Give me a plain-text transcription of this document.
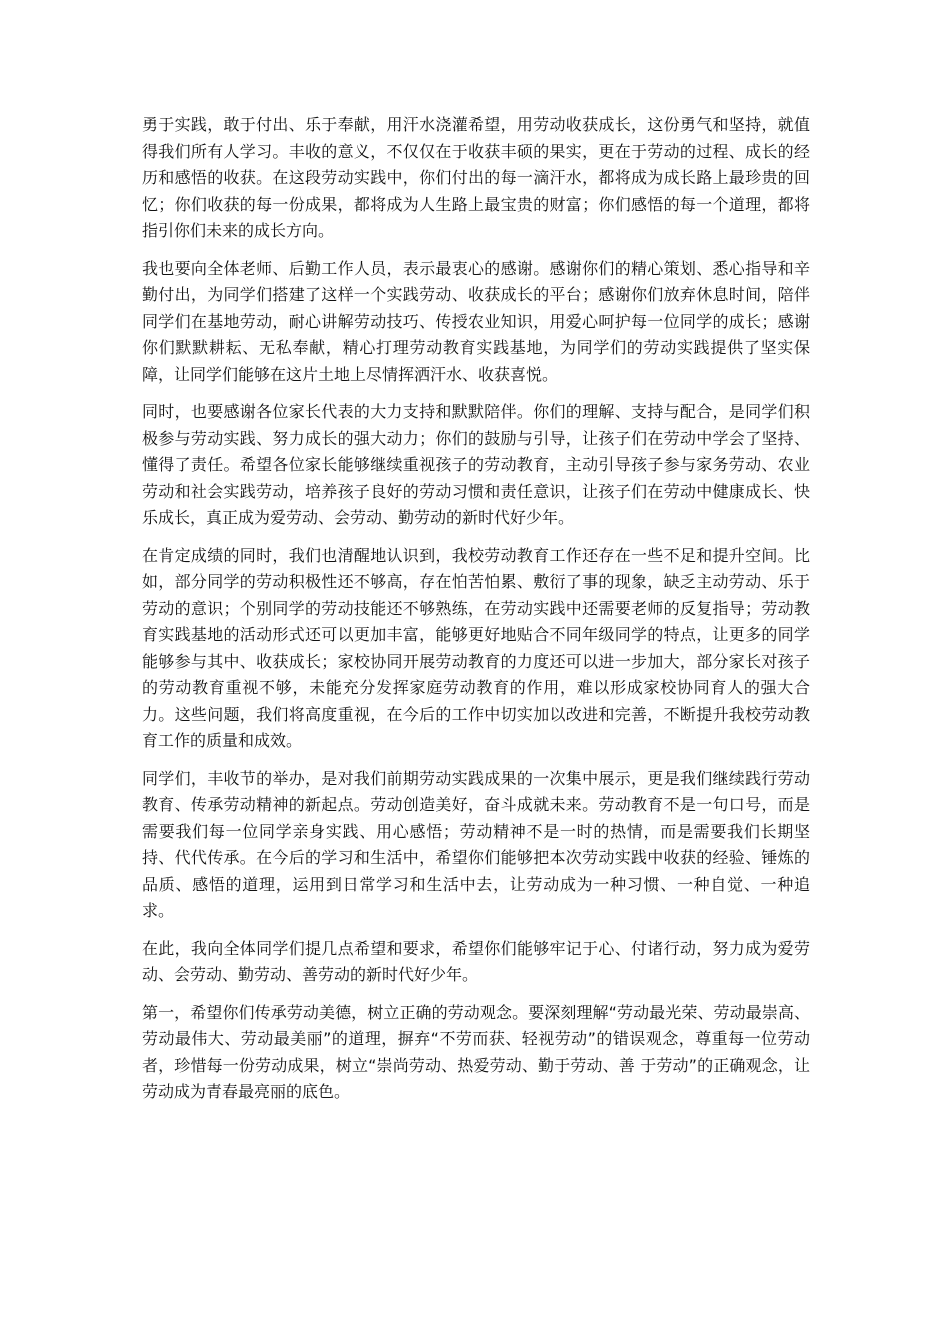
勇于实践，敢于付出、乐于奉献，用汗水浇灌希望，用劳动收获成长，这份勇气和坚持，就值得我们所有人学习。丰收的意义，不仅仅在于收获丰硕的果实，更在于劳动的过程、成长的经历和感悟的收获。在这段劳动实践中，你们付出的每一滴汗水，都将成为成长路上最珍贵的回忆；你们收获的每一份成果，都将成为人生路上最宝贵的财富；你们感悟的每一个道理，都将指引你们未来的成长方向。

我也要向全体老师、后勤工作人员，表示最衷心的感谢。感谢你们的精心策划、悉心指导和辛勤付出，为同学们搭建了这样一个实践劳动、收获成长的平台；感谢你们放弃休息时间，陪伴同学们在基地劳动，耐心讲解劳动技巧、传授农业知识，用爱心呵护每一位同学的成长；感谢你们默默耕耘、无私奉献，精心打理劳动教育实践基地，为同学们的劳动实践提供了坚实保障，让同学们能够在这片土地上尽情挥洒汗水、收获喜悦。

同时，也要感谢各位家长代表的大力支持和默默陪伴。你们的理解、支持与配合，是同学们积极参与劳动实践、努力成长的强大动力；你们的鼓励与引导，让孩子们在劳动中学会了坚持、懂得了责任。希望各位家长能够继续重视孩子的劳动教育，主动引导孩子参与家务劳动、农业劳动和社会实践劳动，培养孩子良好的劳动习惯和责任意识，让孩子们在劳动中健康成长、快乐成长，真正成为爱劳动、会劳动、勤劳动的新时代好少年。

在肯定成绩的同时，我们也清醒地认识到，我校劳动教育工作还存在一些不足和提升空间。比如，部分同学的劳动积极性还不够高，存在怕苦怕累、敷衍了事的现象，缺乏主动劳动、乐于劳动的意识；个别同学的劳动技能还不够熟练，在劳动实践中还需要老师的反复指导；劳动教育实践基地的活动形式还可以更加丰富，能够更好地贴合不同年级同学的特点，让更多的同学能够参与其中、收获成长；家校协同开展劳动教育的力度还可以进一步加大，部分家长对孩子的劳动教育重视不够，未能充分发挥家庭劳动教育的作用，难以形成家校协同育人的强大合力。这些问题，我们将高度重视，在今后的工作中切实加以改进和完善，不断提升我校劳动教育工作的质量和成效。

同学们，丰收节的举办，是对我们前期劳动实践成果的一次集中展示，更是我们继续践行劳动教育、传承劳动精神的新起点。劳动创造美好，奋斗成就未来。劳动教育不是一句口号，而是需要我们每一位同学亲身实践、用心感悟；劳动精神不是一时的热情，而是需要我们长期坚持、代代传承。在今后的学习和生活中，希望你们能够把本次劳动实践中收获的经验、锤炼的品质、感悟的道理，运用到日常学习和生活中去，让劳动成为一种习惯、一种自觉、一种追求。

在此，我向全体同学们提几点希望和要求，希望你们能够牢记于心、付诸行动，努力成为爱劳动、会劳动、勤劳动、善劳动的新时代好少年。

第一，希望你们传承劳动美德，树立正确的劳动观念。要深刻理解“劳动最光荣、劳动最崇高、劳动最伟大、劳动最美丽”的道理，摒弃“不劳而获、轻视劳动”的错误观念，尊重每一位劳动者，珍惜每一份劳动成果，树立“崇尚劳动、热爱劳动、勤于劳动、善 于劳动”的正确观念，让劳动成为青春最亮丽的底色。
